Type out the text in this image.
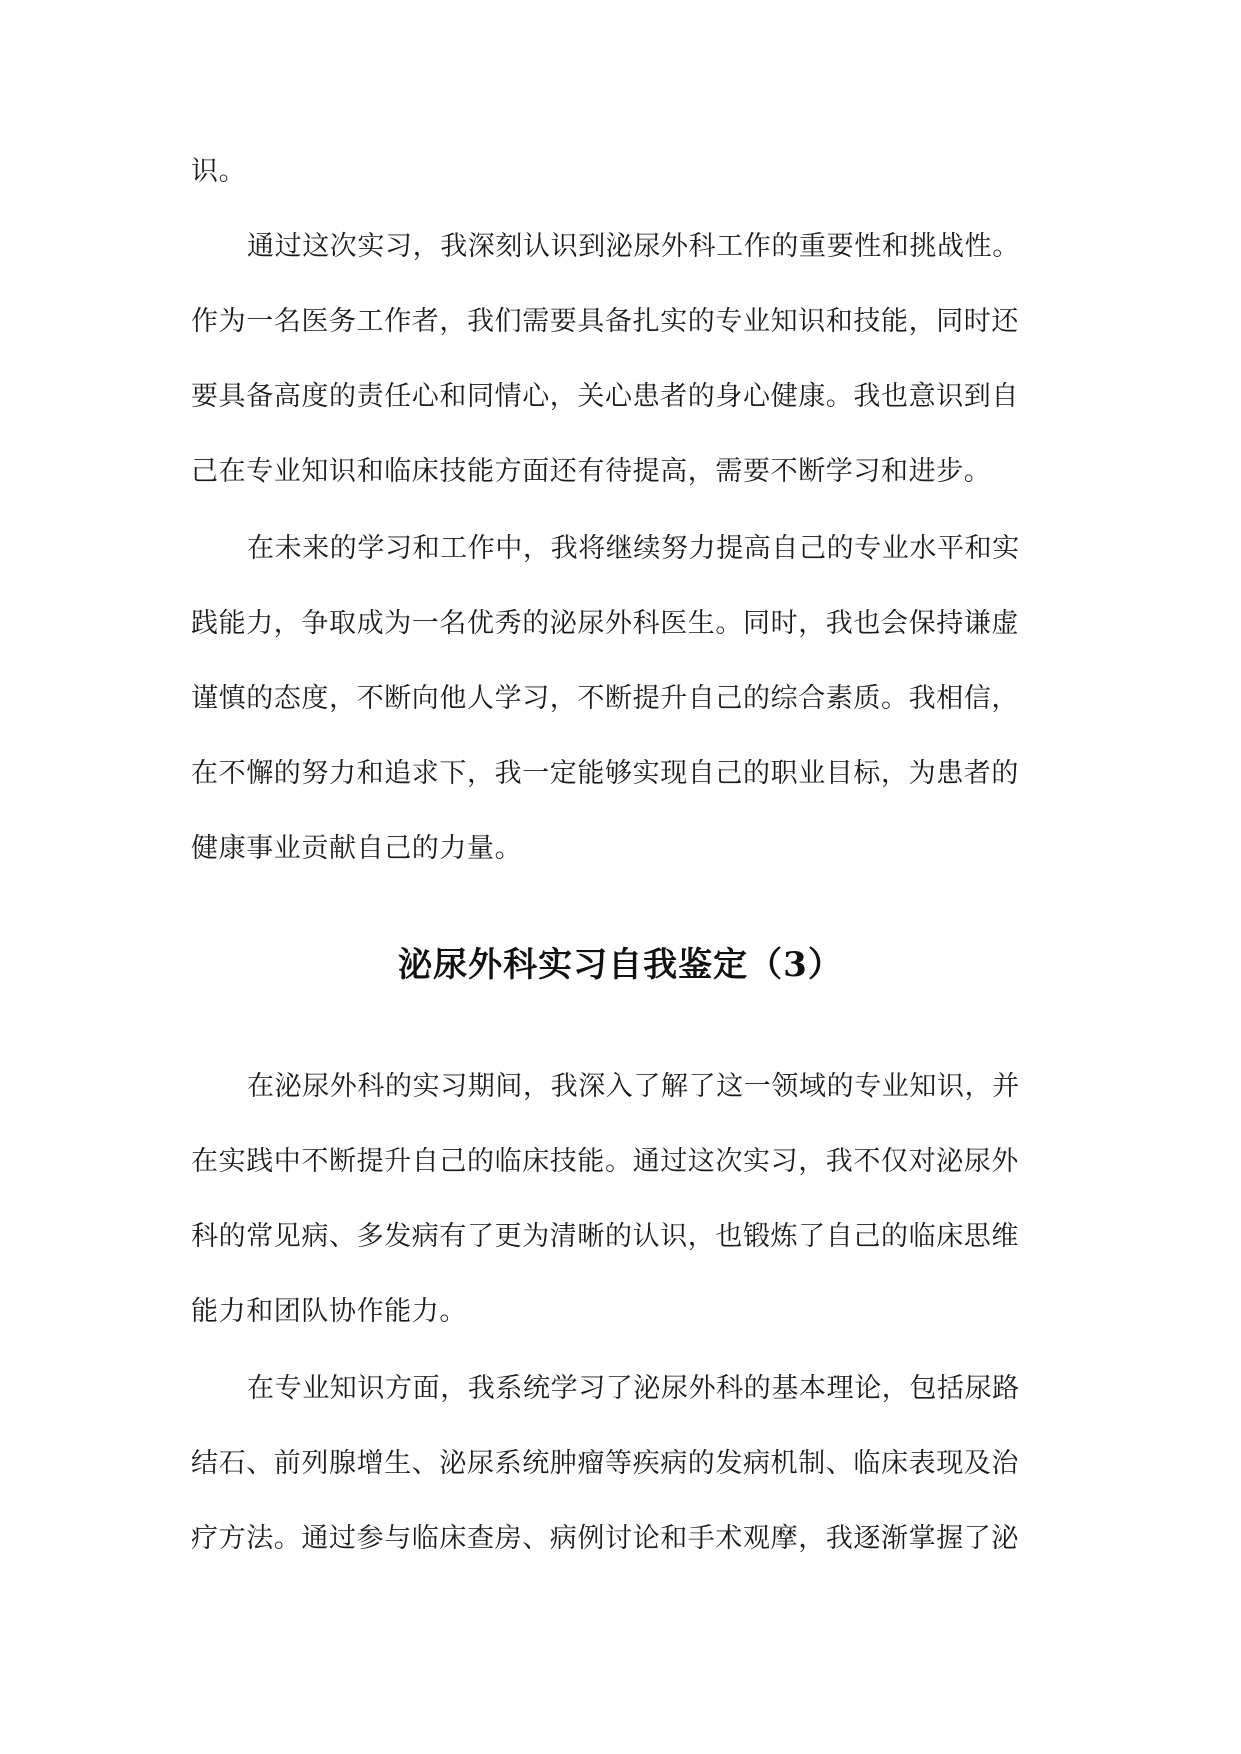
识。
通过这次实习，我深刻认识到泌尿外科工作的重要性和挑战性。
作为一名医务工作者，我们需要具备扎实的专业知识和技能，同时还
要具备高度的责任心和同情心，关心患者的身心健康。我也意识到自
己在专业知识和临床技能方面还有待提高，需要不断学习和进步。
在未来的学习和工作中，我将继续努力提高自己的专业水平和实
践能力，争取成为一名优秀的泌尿外科医生。同时，我也会保持谦虚
谨慎的态度，不断向他人学习，不断提升自己的综合素质。我相信，
在不懈的努力和追求下，我一定能够实现自己的职业目标，为患者的
健康事业贡献自己的力量。
泌尿外科实习自我鉴定（3）
在泌尿外科的实习期间，我深入了解了这一领域的专业知识，并
在实践中不断提升自己的临床技能。通过这次实习，我不仅对泌尿外
科的常见病、多发病有了更为清晰的认识，也锻炼了自己的临床思维
能力和团队协作能力。
在专业知识方面，我系统学习了泌尿外科的基本理论，包括尿路
结石、前列腺增生、泌尿系统肿瘤等疾病的发病机制、临床表现及治
疗方法。通过参与临床查房、病例讨论和手术观摩，我逐渐掌握了泌
